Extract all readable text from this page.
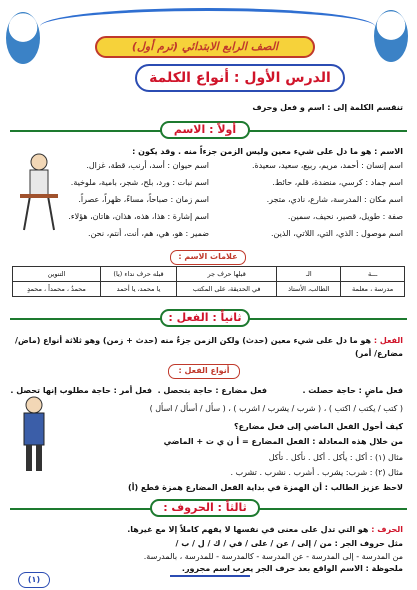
الصف الرابع الابتدائي (ترم أول)
الدرس الأول : أنواع الكلمة
تنقسم الكلمة إلى : اسم و فعل وحرف
أولاً : الاسم
الاسم : هو ما دل على شيء معين وليس الزمن جزءاً منه . وقد يكون :
اسم إنسان : أحمد، مريم، ربيع، سعيد، سعيدة.
اسم جماد : كرسي، منضدة، قلم، حائط.
اسم مكان : المدرسة، شارع، نادي، متجر.
صفة : طويل، قصير، نحيف، سمين.
اسم موصول : الذي، التي، اللاتي، الذين.
اسم حيوان : أسد، أرنب، قطة، غزال.
اسم نبات : ورد، بلح، شجر، بامية، ملوخية.
اسم زمان : صباحاً، مساءً، ظهراً، عصراً.
اسم إشارة : هذا، هذه، هذان، هاتان، هؤلاء.
ضمير : هو، هي، هم، أنت، أنتم، نحن.
علامات الاسم :
ـــة	الـ	قبلها حرف جر	قبله حرف نداء (يا)	التنوين
مدرسة ، معلمة	الطالب، الأستاذ	في الحديقة، على المكتب	يا محمد، يا أحمد	محمدٌ ، محمداً ، محمدٍ
ثانياً : الفعل :
الفعل : هو ما دل على شيء معين (حدث) ولكن الزمن جزءٌ منه (حدث + زمن) وهو ثلاثة أنواع (ماض/
مضارع/ أمر)
أنواع الفعل :
فعل ماضٍ : حاجة حصلت .
فعل مضارع : حاجة بتحصل .
فعل أمر : حاجة مطلوب إنها تحصل .
( كتب / يكتب / اكتب ) ، ( شرب / يشرب / اشرب ) ، ( سأل / أسأل / اسأل )
كيف أحول الفعل الماضي إلى فعل مضارع؟
من خلال هذه المعادلة : الفعل المضارع = أ ن ي ت + الماضي
مثال (١) : أكل : يأكل . أكل . نأكل . تأكل
مثال (٢) : شرب: يشرب . أشرب . نشرب . تشرب .
لاحظ عزيز الطالب : أن الهمزة في بداية الفعل المضارع همزة قطع (أ)
ثالثاً : الحروف :
الحرف : هو التي تدل على معنى في نفسها لا يفهم كاملاً إلا مع غيرها.
مثل حروف الجر : من / إلى / عن / على / في / ك / ل / ب /
من المدرسة - إلى المدرسة - عن المدرسة - كالمدرسة - للمدرسة ، بالمدرسة.
ملحوظة : الاسم الواقع بعد حرف الجر يعرب اسم مجرور.
(١)
